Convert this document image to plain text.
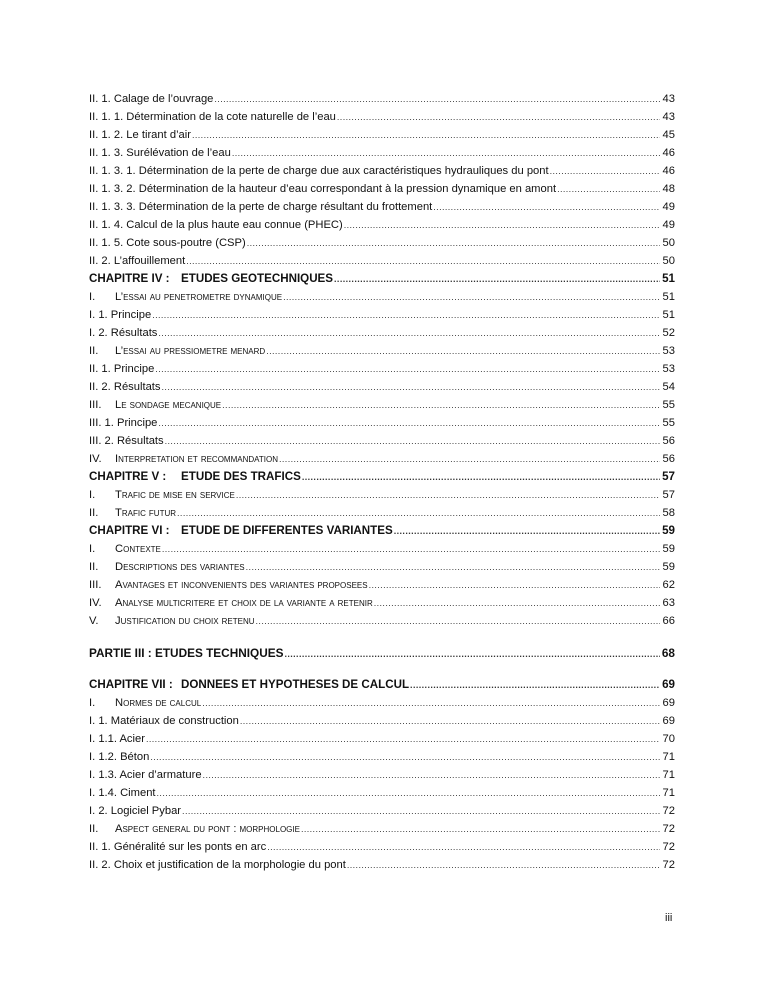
II. 1. Calage de l’ouvrage .....	43
II. 1. 1. Détermination de la cote naturelle de l’eau .....	43
II. 1. 2. Le tirant d’air .....	45
II. 1. 3. Surélévation de l’eau .....	46
II. 1. 3. 1. Détermination de la perte de charge due aux caractéristiques hydrauliques du pont .....	46
II. 1. 3. 2. Détermination de la hauteur d’eau correspondant à la pression dynamique en amont .....	48
II. 1. 3. 3. Détermination de la perte de charge résultant du frottement .....	49
II. 1. 4. Calcul de la plus haute eau connue (PHEC) .....	49
II. 1. 5. Cote sous-poutre (CSP) .....	50
II. 2. L’affouillement .....	50
CHAPITRE IV : ETUDES GEOTECHNIQUES .....	51
I. L’essai au penetrometre dynamique .....	51
I. 1. Principe .....	51
I. 2. Résultats .....	52
II. L’essai au pressiometre menard .....	53
II. 1. Principe .....	53
II. 2. Résultats .....	54
III. Le sondage mecanique .....	55
III. 1. Principe .....	55
III. 2. Résultats .....	56
IV. Interpretation et recommandation .....	56
CHAPITRE V : ETUDE DES TRAFICS .....	57
I. Trafic de mise en service .....	57
II. Trafic futur .....	58
CHAPITRE VI : ETUDE DE DIFFERENTES VARIANTES .....	59
I. Contexte .....	59
II. Descriptions des variantes .....	59
III. Avantages et inconvenients des variantes proposees .....	62
IV. Analyse multicritere et choix de la variante a retenir .....	63
V. Justification du choix retenu .....	66
PARTIE III : ETUDES TECHNIQUES .....	68
CHAPITRE VII : DONNEES ET HYPOTHESES DE CALCUL .....	69
I. Normes de calcul .....	69
I. 1. Matériaux de construction .....	69
I. 1.1. Acier .....	70
I. 1.2. Béton .....	71
I. 1.3. Acier d’armature .....	71
I. 1.4. Ciment .....	71
I. 2. Logiciel Pybar .....	72
II. Aspect general du pont : morphologie .....	72
II. 1. Généralité sur les ponts en arc .....	72
II. 2. Choix et justification de la morphologie du pont .....	72
iii
